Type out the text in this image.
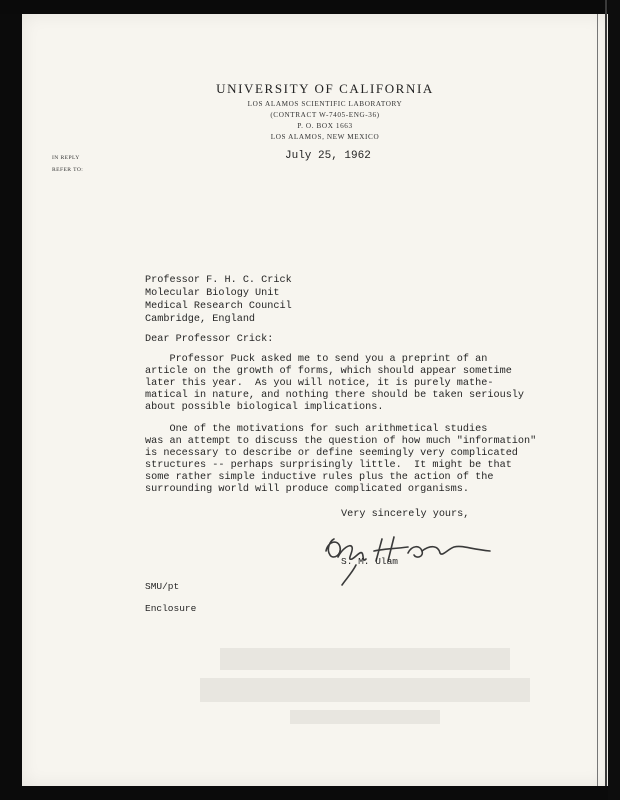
UNIVERSITY OF CALIFORNIA
LOS ALAMOS SCIENTIFIC LABORATORY
(CONTRACT W-7405-ENG-36)
P. O. BOX 1663
LOS ALAMOS, NEW MEXICO
IN REPLY
REFER TO:
July 25, 1962
Professor F. H. C. Crick
Molecular Biology Unit
Medical Research Council
Cambridge, England
Dear Professor Crick:
Professor Puck asked me to send you a preprint of an
article on the growth of forms, which should appear sometime
later this year.  As you will notice, it is purely mathe-
matical in nature, and nothing there should be taken seriously
about possible biological implications.
One of the motivations for such arithmetical studies
was an attempt to discuss the question of how much "information"
is necessary to describe or define seemingly very complicated
structures -- perhaps surprisingly little.  It might be that
some rather simple inductive rules plus the action of the
surrounding world will produce complicated organisms.
Very sincerely yours,
S. M. Ulam
SMU/pt
Enclosure
